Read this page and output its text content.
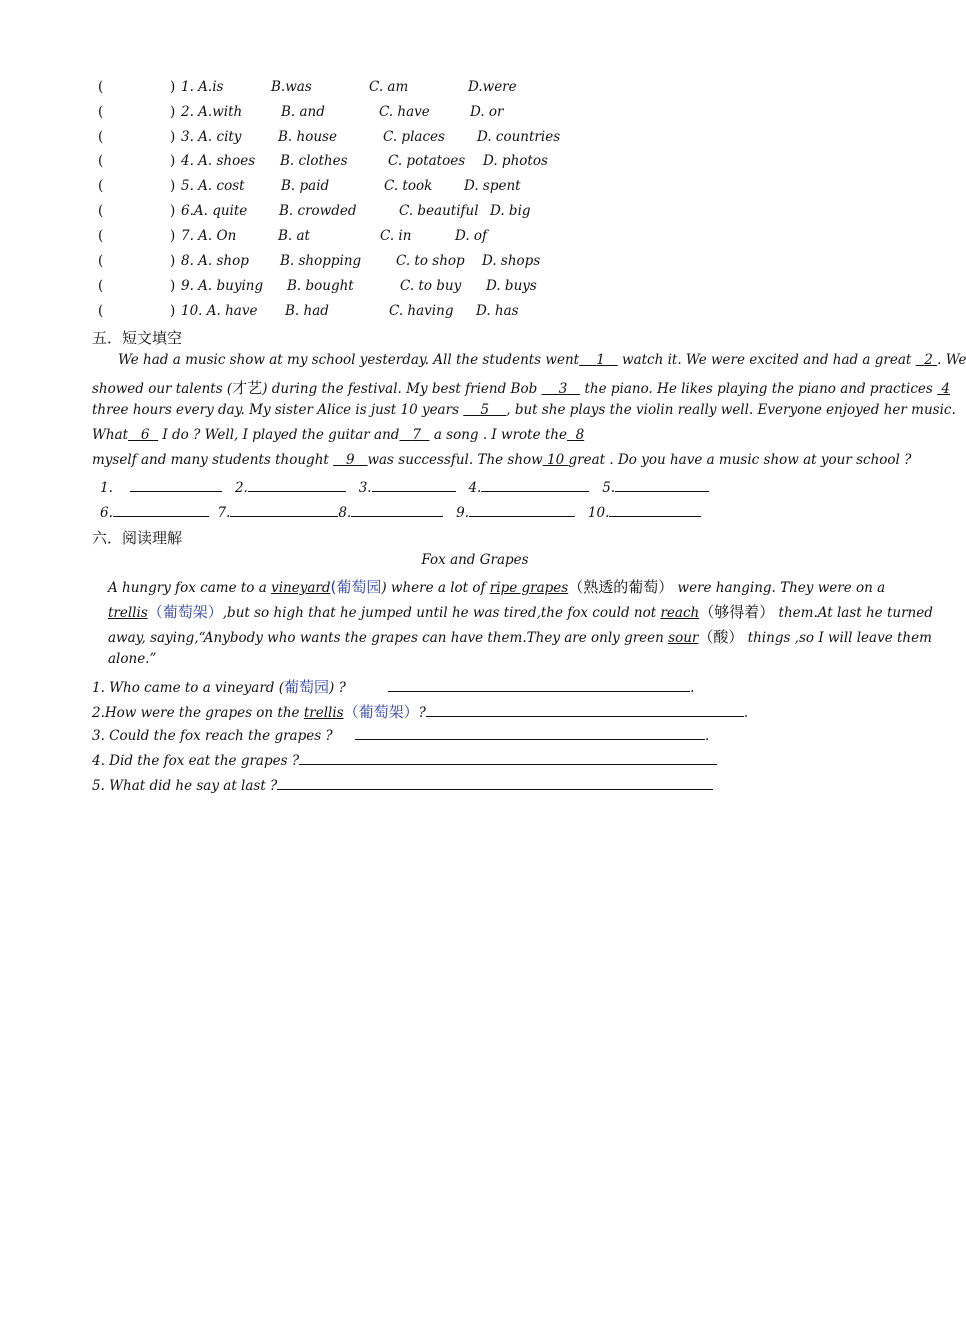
(	) 1. A.is	B.was	C. am	D.were
(	) 2. A.with	B. and	C. have	D. or
(	) 3. A. city	B. house	C. places D. countries
(	) 4. A. shoes B. clothes	C. potatoes D. photos
(	) 5. A. cost	B. paid	C. took D. spent
(	) 6.A. quite B. crowded	C. beautiful D. big
(	) 7. A. On	B. at	C. in	D. of
(	) 8. A. shop B. shopping	C. to shop D. shops
(	) 9. A. buying B. bought	C. to buy D. buys
(	) 10. A. have B. had	C. having D. has
五．短文填空
We had a music show at my school yesterday. All the students went 1 watch it. We were excited and had a great 2 . We
showed our talents (才艺) during the festival. My best friend Bob 3 the piano. He likes playing the piano and practices 4
three hours every day. My sister Alice is just 10 years 5 , but she plays the violin really well. Everyone enjoyed her music.
What 6 I do ? Well, I played the guitar and 7 a song . I wrote the 8
myself and many students thought 9 was successful. The show 10 great . Do you have a music show at your school ?
1.	2.	3.	4.	5.
6.	7.	8.	9.	10.
六．阅读理解
Fox and Grapes
A hungry fox came to a vineyard(葡萄园) where a lot of ripe grapes（熟透的葡萄） were hanging. They were on a
trellis（葡萄架）,but so high that he jumped until he was tired,the fox could not reach（够得着） them.At last he turned
away, saying,“Anybody who wants the grapes can have them.They are only green sour（酸） things ,so I will leave them
alone.”
1. Who came to a vineyard (葡萄园) ?	.
2.How were the grapes on the trellis（葡萄架）?	.
3. Could the fox reach the grapes ?	.
4. Did the fox eat the grapes ?
5. What did he say at last ?
